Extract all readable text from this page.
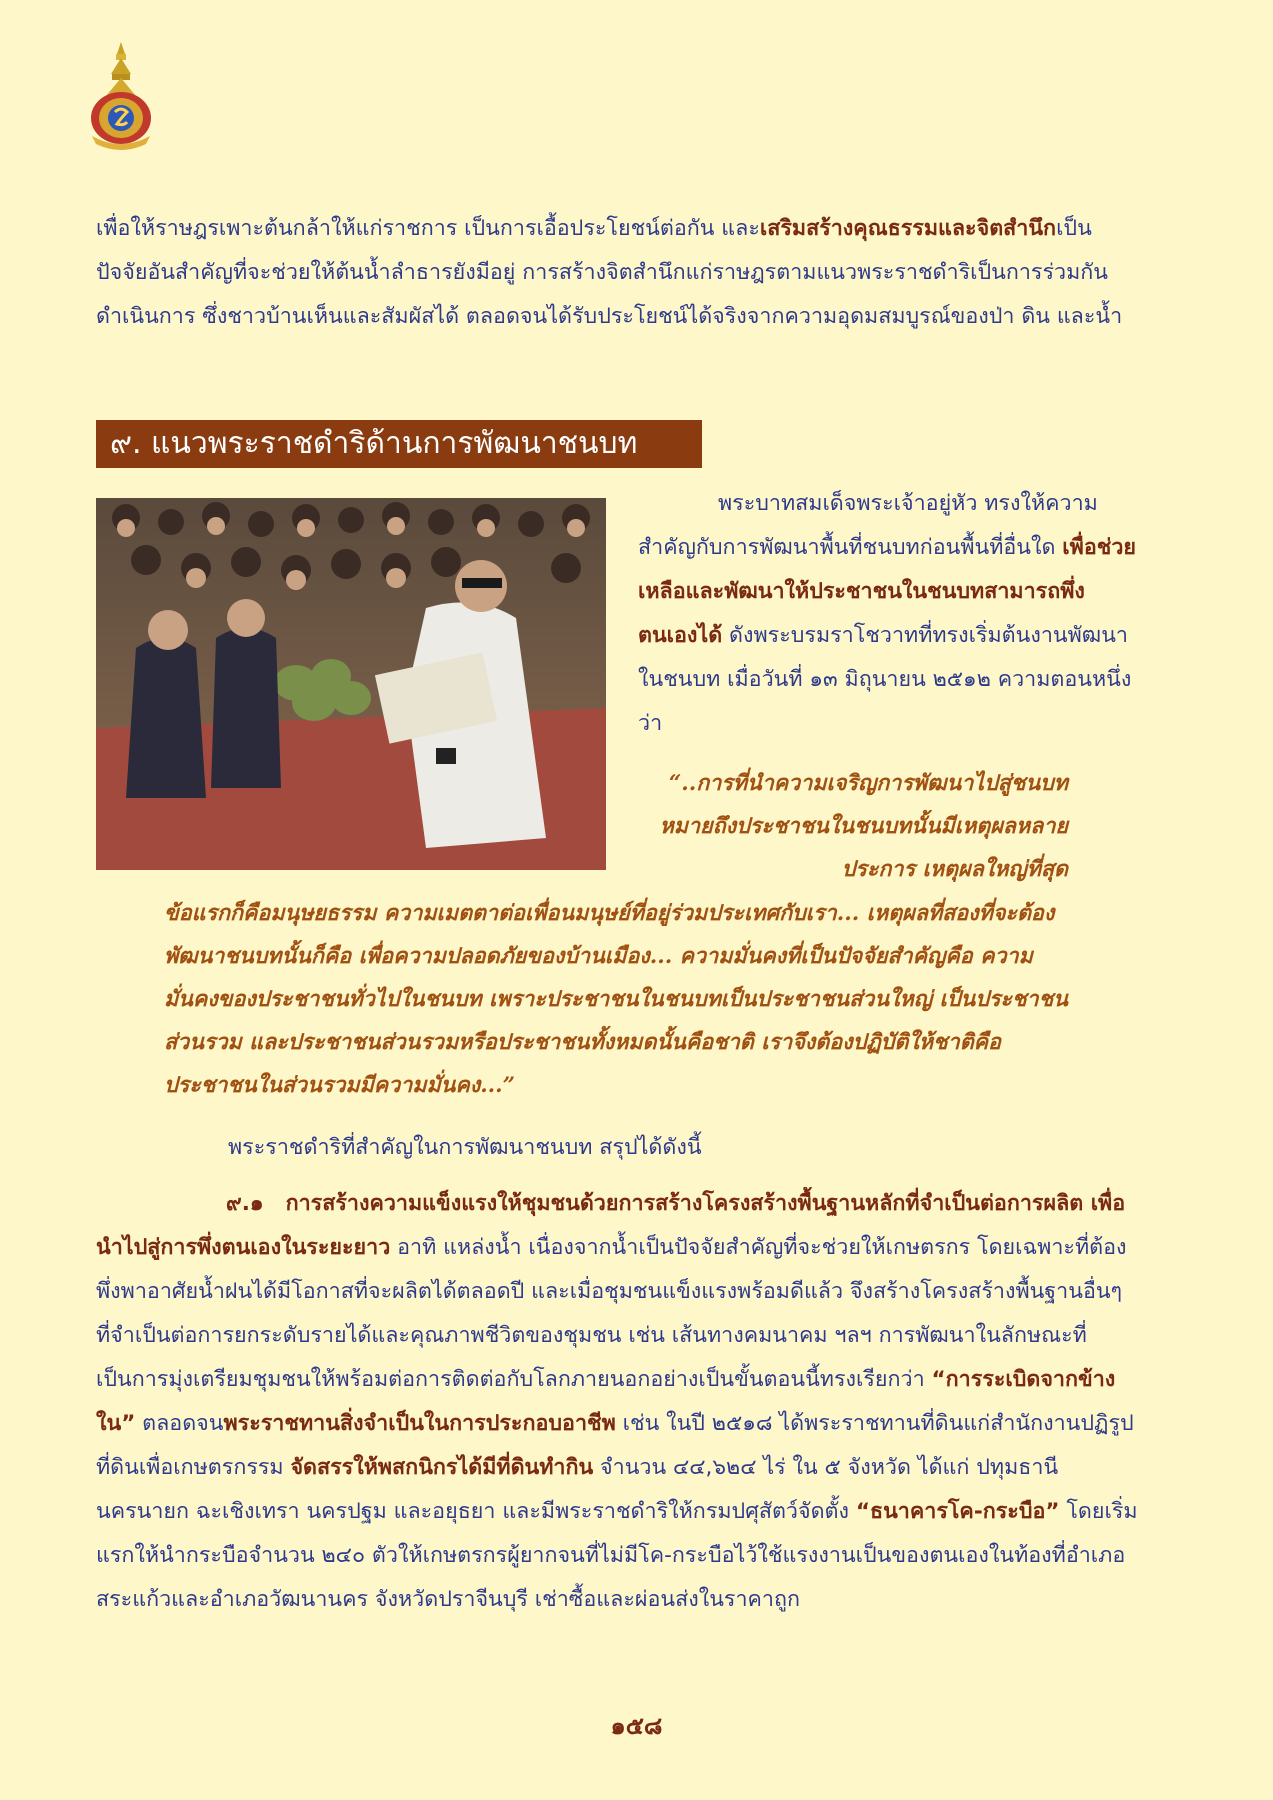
เพื่อให้ราษฎรเพาะต้นกล้าให้แก่ราชการ เป็นการเอื้อประโยชน์ต่อกัน และเสริมสร้างคุณธรรมและจิตสำนึกเป็นปัจจัยอันสำคัญที่จะช่วยให้ต้นน้ำลำธารยังมีอยู่ การสร้างจิตสำนึกแก่ราษฎรตามแนวพระราชดำริเป็นการร่วมกันดำเนินการ ซึ่งชาวบ้านเห็นและสัมผัสได้ ตลอดจนได้รับประโยชน์ได้จริงจากความอุดมสมบูรณ์ของป่า ดิน และน้ำ

๙. แนวพระราชดำริด้านการพัฒนาชนบท

พระบาทสมเด็จพระเจ้าอยู่หัว ทรงให้ความสำคัญกับการพัฒนาพื้นที่ชนบทก่อนพื้นที่อื่นใด เพื่อช่วยเหลือและพัฒนาให้ประชาชนในชนบทสามารถพึ่งตนเองได้ ดังพระบรมราโชวาทที่ทรงเริ่มต้นงานพัฒนาในชนบท เมื่อวันที่ ๑๓ มิถุนายน ๒๕๑๒ ความตอนหนึ่งว่า

“..การที่นำความเจริญการพัฒนาไปสู่ชนบท หมายถึงประชาชนในชนบทนั้นมีเหตุผลหลายประการ เหตุผลใหญ่ที่สุด

ข้อแรกก็คือมนุษยธรรม ความเมตตาต่อเพื่อนมนุษย์ที่อยู่ร่วมประเทศกับเรา... เหตุผลที่สองที่จะต้องพัฒนาชนบทนั้นก็คือ เพื่อความปลอดภัยของบ้านเมือง... ความมั่นคงที่เป็นปัจจัยสำคัญคือ ความมั่นคงของประชาชนทั่วไปในชนบท เพราะประชาชนในชนบทเป็นประชาชนส่วนใหญ่ เป็นประชาชนส่วนรวม และประชาชนส่วนรวมหรือประชาชนทั้งหมดนั้นคือชาติ เราจึงต้องปฏิบัติให้ชาติคือประชาชนในส่วนรวมมีความมั่นคง...”

พระราชดำริที่สำคัญในการพัฒนาชนบท สรุปได้ดังนี้

๙.๑ การสร้างความแข็งแรงให้ชุมชนด้วยการสร้างโครงสร้างพื้นฐานหลักที่จำเป็นต่อการผลิต เพื่อนำไปสู่การพึ่งตนเองในระยะยาว อาทิ แหล่งน้ำ เนื่องจากน้ำเป็นปัจจัยสำคัญที่จะช่วยให้เกษตรกร โดยเฉพาะที่ต้องพึ่งพาอาศัยน้ำฝนได้มีโอกาสที่จะผลิตได้ตลอดปี และเมื่อชุมชนแข็งแรงพร้อมดีแล้ว จึงสร้างโครงสร้างพื้นฐานอื่นๆ ที่จำเป็นต่อการยกระดับรายได้และคุณภาพชีวิตของชุมชน เช่น เส้นทางคมนาคม ฯลฯ การพัฒนาในลักษณะที่เป็นการมุ่งเตรียมชุมชนให้พร้อมต่อการติดต่อกับโลกภายนอกอย่างเป็นขั้นตอนนี้ทรงเรียกว่า “การระเบิดจากข้างใน” ตลอดจนพระราชทานสิ่งจำเป็นในการประกอบอาชีพ เช่น ในปี ๒๕๑๘ ได้พระราชทานที่ดินแก่สำนักงานปฏิรูปที่ดินเพื่อเกษตรกรรม จัดสรรให้พสกนิกรได้มีที่ดินทำกิน จำนวน ๔๔,๖๒๔ ไร่ ใน ๕ จังหวัด ได้แก่ ปทุมธานี นครนายก ฉะเชิงเทรา นครปฐม และอยุธยา และมีพระราชดำริให้กรมปศุสัตว์จัดตั้ง “ธนาคารโค-กระบือ” โดยเริ่มแรกให้นำกระบือจำนวน ๒๔๐ ตัวให้เกษตรกรผู้ยากจนที่ไม่มีโค-กระบือไว้ใช้แรงงานเป็นของตนเองในท้องที่อำเภอสระแก้วและอำเภอวัฒนานคร จังหวัดปราจีนบุรี เช่าซื้อและผ่อนส่งในราคาถูก

๑๕๘
